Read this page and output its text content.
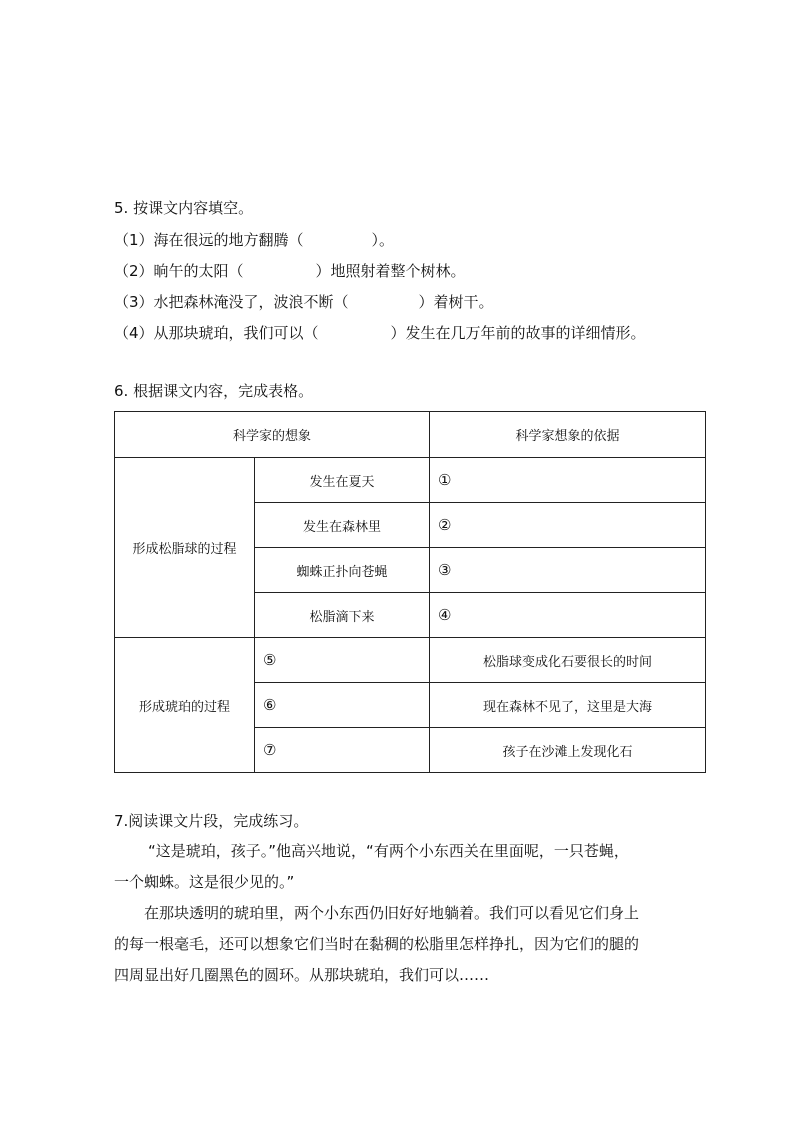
5. 按课文内容填空。
（1）海在很远的地方翻腾（	）。
（2）晌午的太阳（	）地照射着整个树林。
（3）水把森林淹没了，波浪不断（	）着树干。
（4）从那块琥珀，我们可以（	）发生在几万年前的故事的详细情形。
6. 根据课文内容，完成表格。
科学家的想象		科学家想象的依据
形成松脂球的过程	发生在夏天	①
	发生在森林里	②
	蜘蛛正扑向苍蝇	③
	松脂滴下来	④
形成琥珀的过程	⑤	松脂球变成化石要很长的时间
	⑥	现在森林不见了，这里是大海
	⑦	孩子在沙滩上发现化石
7.阅读课文片段，完成练习。
“这是琥珀，孩子。”他高兴地说，“有两个小东西关在里面呢，一只苍蝇，
一个蜘蛛。这是很少见的。”
在那块透明的琥珀里，两个小东西仍旧好好地躺着。我们可以看见它们身上
的每一根毫毛，还可以想象它们当时在黏稠的松脂里怎样挣扎，因为它们的腿的
四周显出好几圈黑色的圆环。从那块琥珀，我们可以……
